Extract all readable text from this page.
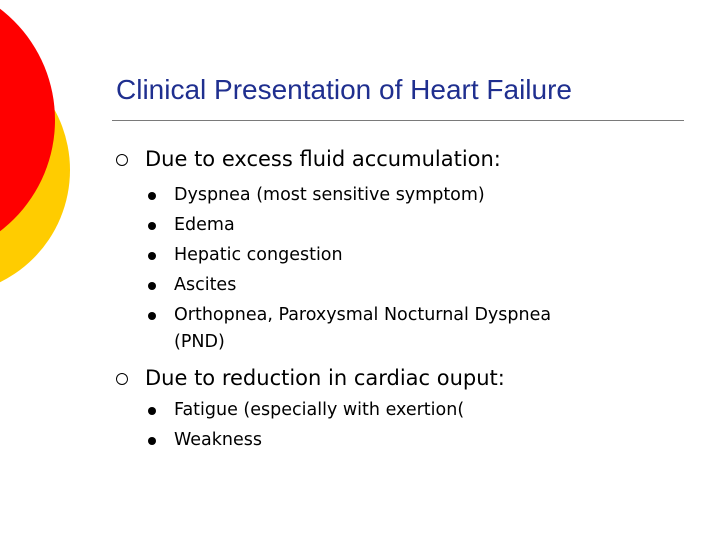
Clinical Presentation of Heart Failure
Due to excess fluid accumulation:
Dyspnea (most sensitive symptom)
Edema
Hepatic congestion
Ascites
Orthopnea, Paroxysmal Nocturnal Dyspnea
(PND)
Due to reduction in cardiac ouput:
Fatigue (especially with exertion(
Weakness
